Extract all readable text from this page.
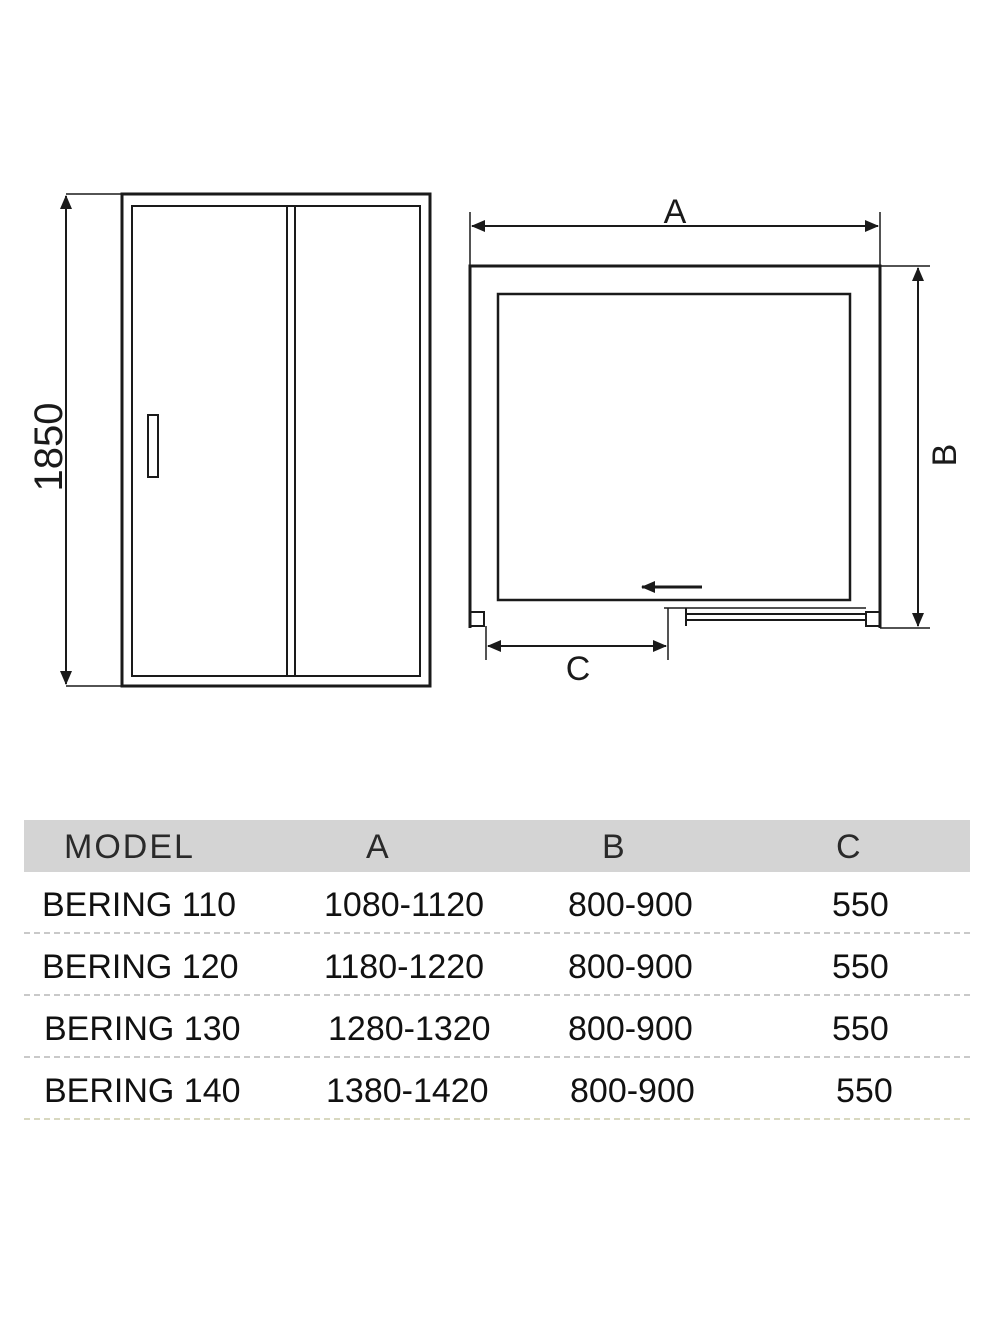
1850
A
B
C
MODEL	A	B	C
BERING 110	1080-1120 800-900	550
BERING 120	1180-1220 800-900	550
BERING 130	1280-1320 800-900	550
BERING 140	1380-1420 800-900	550
